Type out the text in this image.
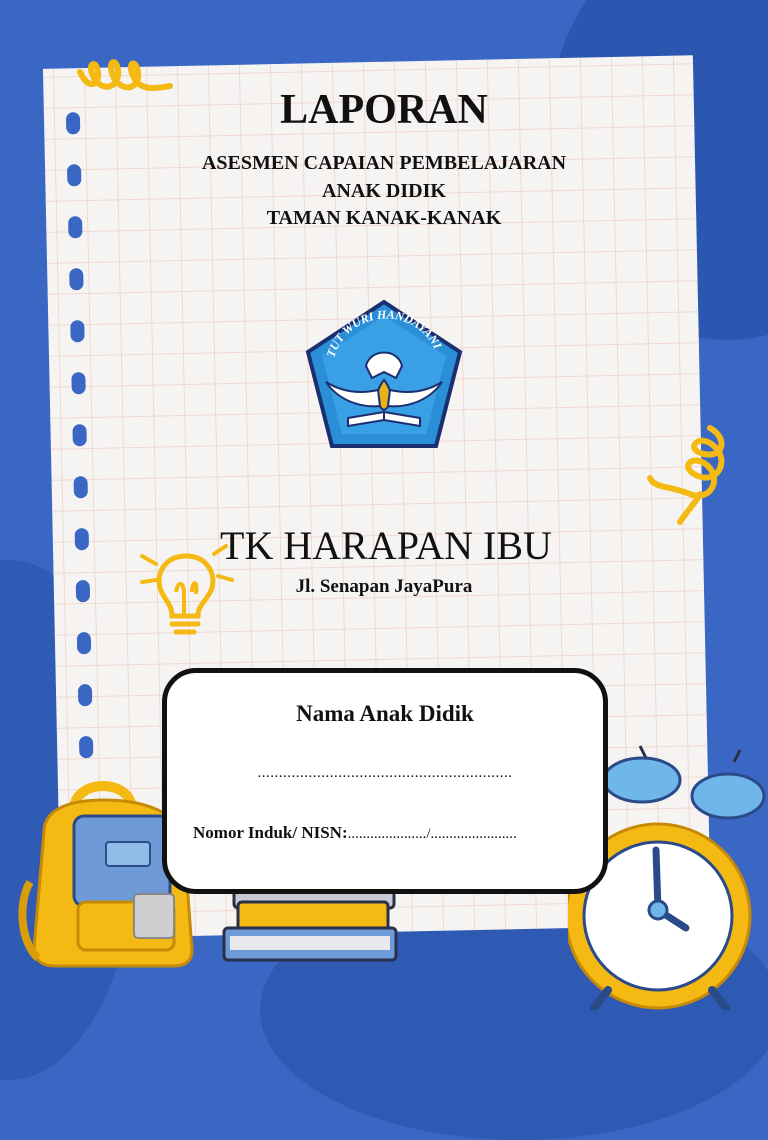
LAPORAN
ASESMEN CAPAIAN PEMBELAJARAN
ANAK DIDIK
TAMAN KANAK-KANAK
TUT WURI HANDAYANI
TK HARAPAN IBU
Jl. Senapan JayaPura
Nama Anak Didik
............................................................
Nomor Induk/ NISN:...................../.......................
